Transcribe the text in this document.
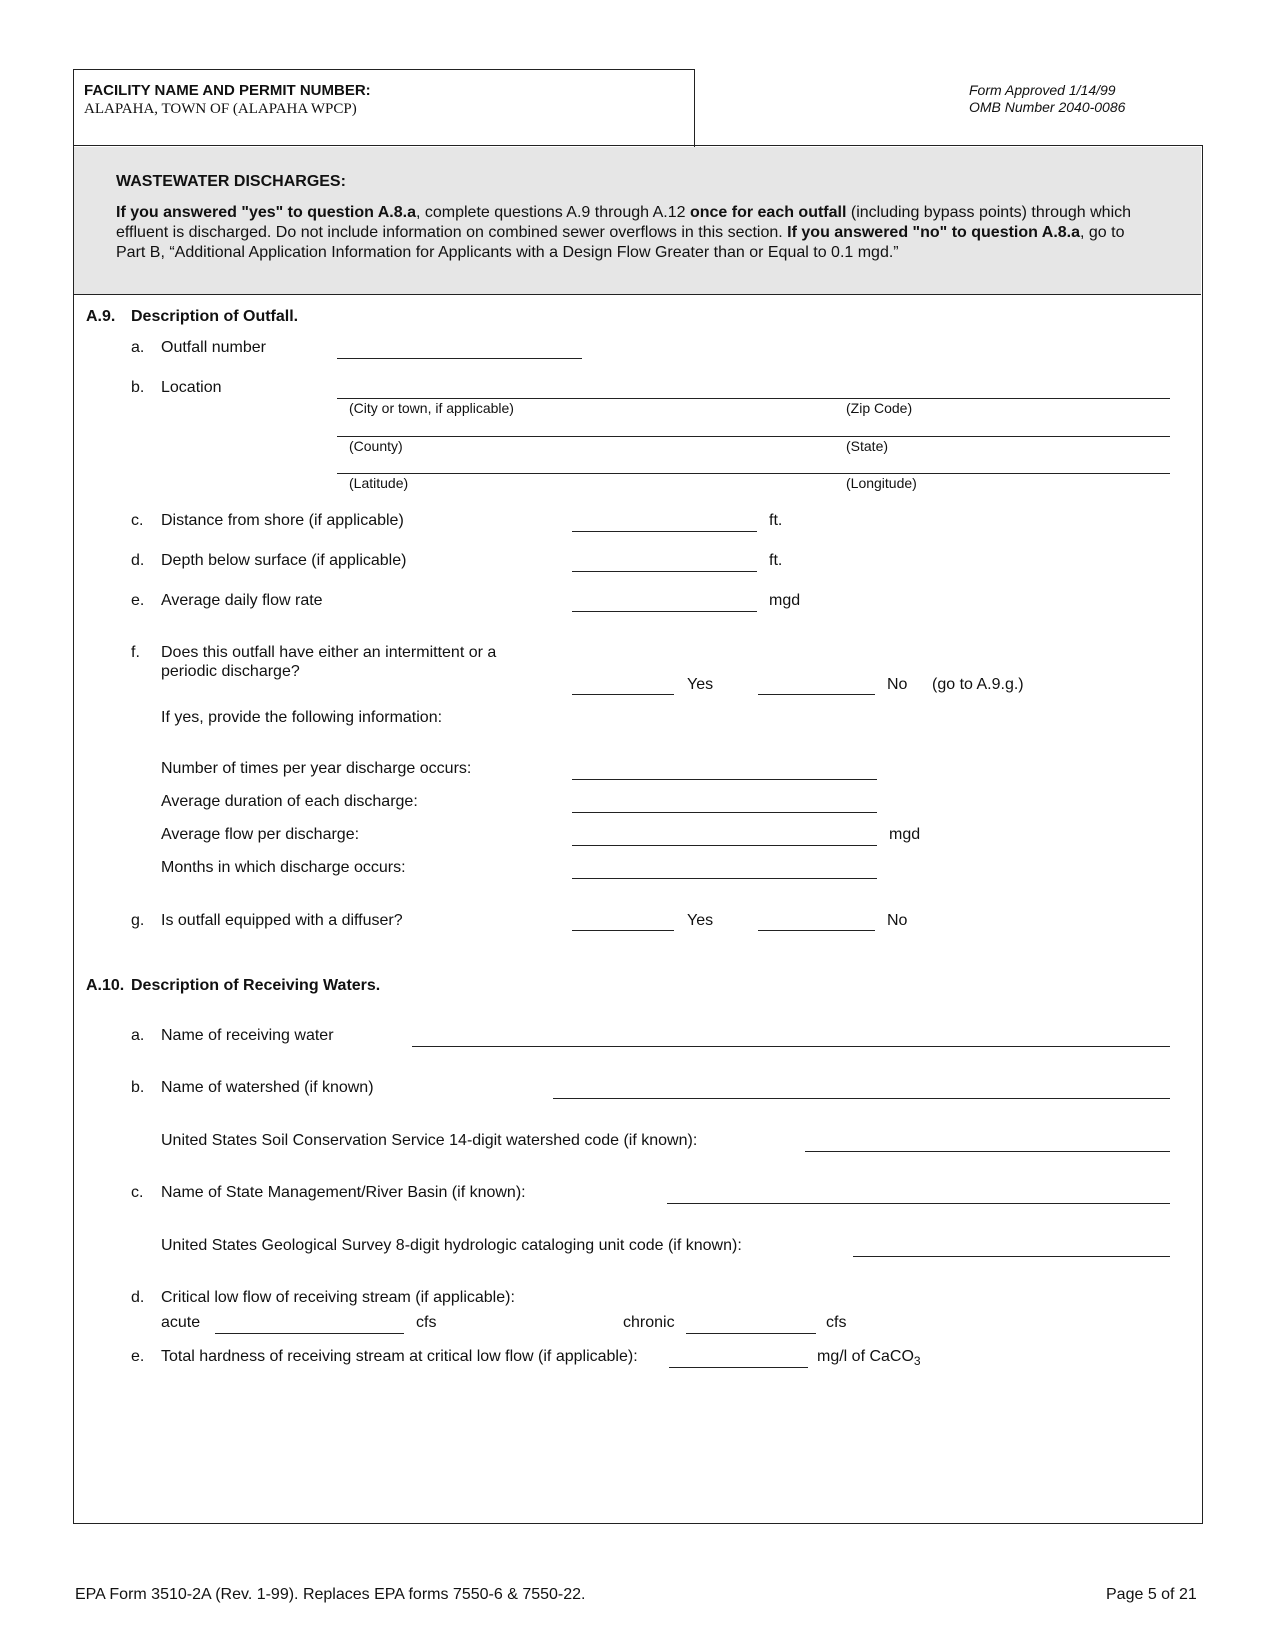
FACILITY NAME AND PERMIT NUMBER:
ALAPAHA, TOWN OF (ALAPAHA WPCP)
Form Approved 1/14/99
OMB Number 2040-0086
WASTEWATER DISCHARGES:
If you answered "yes" to question A.8.a, complete questions A.9 through A.12 once for each outfall (including bypass points) through which effluent is discharged. Do not include information on combined sewer overflows in this section. If you answered "no" to question A.8.a, go to Part B, “Additional Application Information for Applicants with a Design Flow Greater than or Equal to 0.1 mgd.”
A.9. Description of Outfall.
a. Outfall number
b. Location
(City or town, if applicable)	(Zip Code)
(County)	(State)
(Latitude)	(Longitude)
c. Distance from shore (if applicable)	ft.
d. Depth below surface (if applicable)	ft.
e. Average daily flow rate	mgd
f. Does this outfall have either an intermittent or a
periodic discharge?
Yes	No (go to A.9.g.)
If yes, provide the following information:
Number of times per year discharge occurs:
Average duration of each discharge:
Average flow per discharge:	mgd
Months in which discharge occurs:
g. Is outfall equipped with a diffuser?	Yes	No
A.10. Description of Receiving Waters.
a. Name of receiving water
b. Name of watershed (if known)
United States Soil Conservation Service 14-digit watershed code (if known):
c. Name of State Management/River Basin (if known):
United States Geological Survey 8-digit hydrologic cataloging unit code (if known):
d. Critical low flow of receiving stream (if applicable):
acute	cfs	chronic	cfs
e. Total hardness of receiving stream at critical low flow (if applicable):	mg/l of CaCO$_3$
EPA Form 3510-2A (Rev. 1-99). Replaces EPA forms 7550-6 & 7550-22.	Page 5 of 21
